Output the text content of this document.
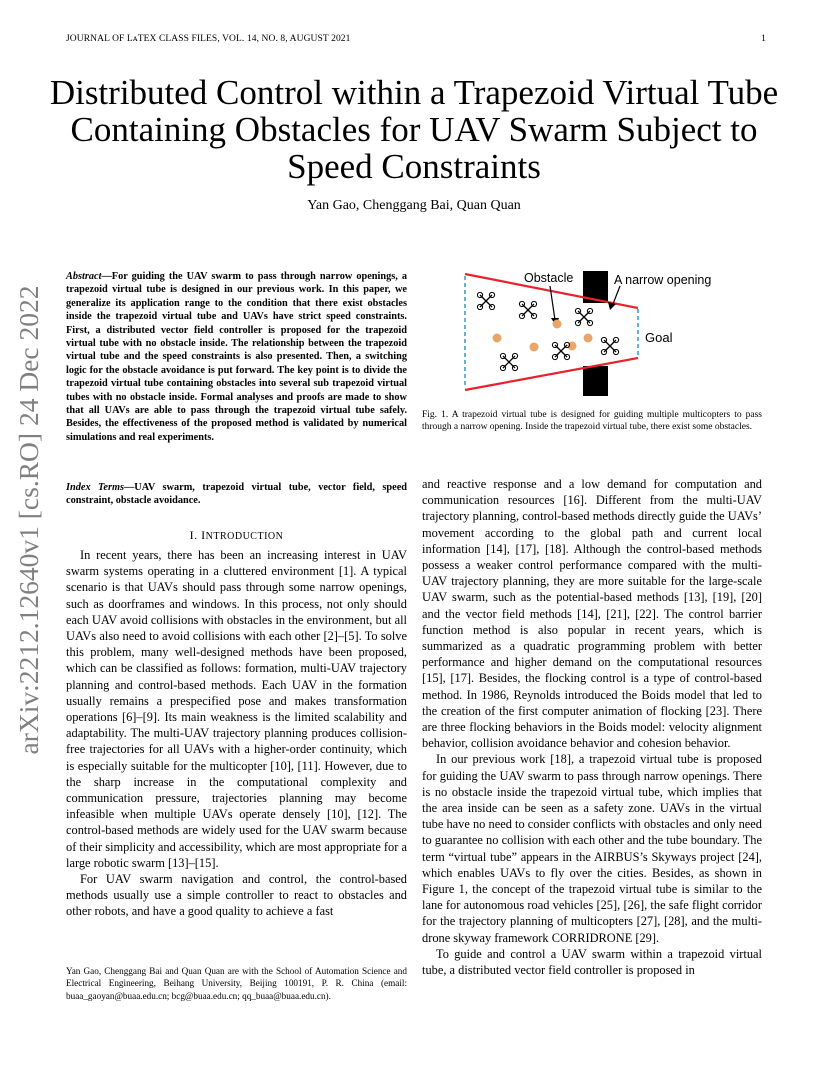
JOURNAL OF LᴀTEX CLASS FILES, VOL. 14, NO. 8, AUGUST 2021	1
arXiv:2212.12640v1 [cs.RO] 24 Dec 2022
Distributed Control within a Trapezoid Virtual Tube Containing Obstacles for UAV Swarm Subject to Speed Constraints
Yan Gao, Chenggang Bai, Quan Quan
Abstract—For guiding the UAV swarm to pass through narrow openings, a trapezoid virtual tube is designed in our previous work. In this paper, we generalize its application range to the condition that there exist obstacles inside the trapezoid virtual tube and UAVs have strict speed constraints. First, a distributed vector field controller is proposed for the trapezoid virtual tube with no obstacle inside. The relationship between the trapezoid virtual tube and the speed constraints is also presented. Then, a switching logic for the obstacle avoidance is put forward. The key point is to divide the trapezoid virtual tube containing obstacles into several sub trapezoid virtual tubes with no obstacle inside. Formal analyses and proofs are made to show that all UAVs are able to pass through the trapezoid virtual tube safely. Besides, the effectiveness of the proposed method is validated by numerical simulations and real experiments.
Index Terms—UAV swarm, trapezoid virtual tube, vector field, speed constraint, obstacle avoidance.
I. INTRODUCTION

In recent years, there has been an increasing interest in UAV swarm systems operating in a cluttered environment [1]. A typical scenario is that UAVs should pass through some narrow openings, such as doorframes and windows. In this process, not only should each UAV avoid collisions with obstacles in the environment, but all UAVs also need to avoid collisions with each other [2]–[5]. To solve this problem, many well-designed methods have been proposed, which can be classified as follows: formation, multi-UAV trajectory planning and control-based methods. Each UAV in the formation usually remains a prespecified pose and makes transformation operations [6]–[9]. Its main weakness is the limited scalability and adaptability. The multi-UAV trajectory planning produces collision-free trajectories for all UAVs with a higher-order continuity, which is especially suitable for the multicopter [10], [11]. However, due to the sharp increase in the computational complexity and communication pressure, trajectories planning may become infeasible when multiple UAVs operate densely [10], [12]. The control-based methods are widely used for the UAV swarm because of their simplicity and accessibility, which are most appropriate for a large robotic swarm [13]–[15].

For UAV swarm navigation and control, the control-based methods usually use a simple controller to react to obstacles and other robots, and have a good quality to achieve a fast

Yan Gao, Chenggang Bai and Quan Quan are with the School of Automation Science and Electrical Engineering, Beihang University, Beijing 100191, P. R. China (email: buaa_gaoyan@buaa.edu.cn; bcg@buaa.edu.cn; qq_buaa@buaa.edu.cn).
Obstacle	A narrow opening
Goal
Fig. 1. A trapezoid virtual tube is designed for guiding multiple multicopters to pass through a narrow opening. Inside the trapezoid virtual tube, there exist some obstacles.

and reactive response and a low demand for computation and communication resources [16]. Different from the multi-UAV trajectory planning, control-based methods directly guide the UAVs’ movement according to the global path and current local information [14], [17], [18]. Although the control-based methods possess a weaker control performance compared with the multi-UAV trajectory planning, they are more suitable for the large-scale UAV swarm, such as the potential-based methods [13], [19], [20] and the vector field methods [14], [21], [22]. The control barrier function method is also popular in recent years, which is summarized as a quadratic programming problem with better performance and higher demand on the computational resources [15], [17]. Besides, the flocking control is a type of control-based method. In 1986, Reynolds introduced the Boids model that led to the creation of the first computer animation of flocking [23]. There are three flocking behaviors in the Boids model: velocity alignment behavior, collision avoidance behavior and cohesion behavior.

In our previous work [18], a trapezoid virtual tube is proposed for guiding the UAV swarm to pass through narrow openings. There is no obstacle inside the trapezoid virtual tube, which implies that the area inside can be seen as a safety zone. UAVs in the virtual tube have no need to consider conflicts with obstacles and only need to guarantee no collision with each other and the tube boundary. The term “virtual tube” appears in the AIRBUS’s Skyways project [24], which enables UAVs to fly over the cities. Besides, as shown in Figure 1, the concept of the trapezoid virtual tube is similar to the lane for autonomous road vehicles [25], [26], the safe flight corridor for the trajectory planning of multicopters [27], [28], and the multi-drone skyway framework CORRIDRONE [29].

To guide and control a UAV swarm within a trapezoid virtual tube, a distributed vector field controller is proposed in
